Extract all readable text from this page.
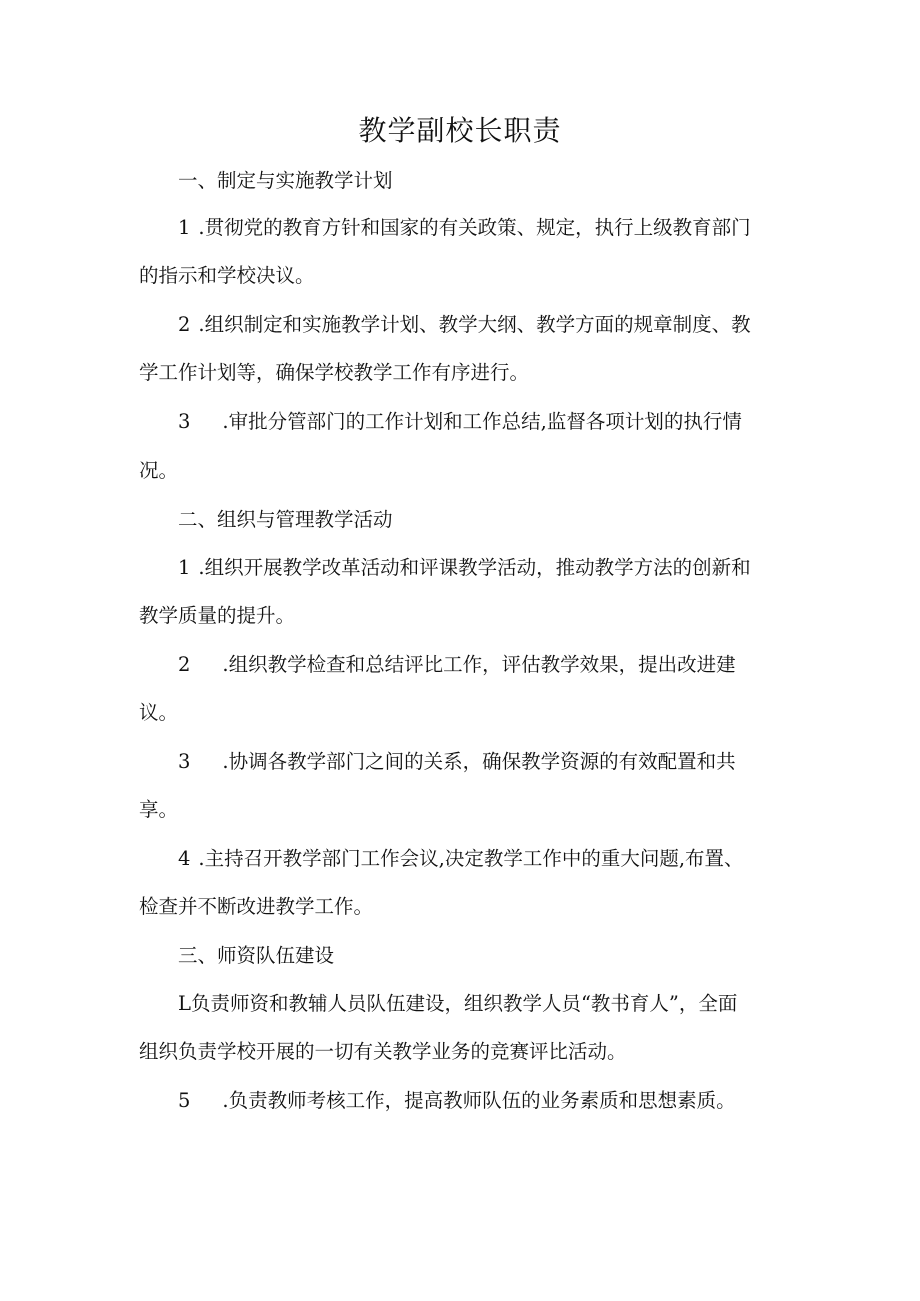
教学副校长职责
一、制定与实施教学计划
1 .贯彻党的教育方针和国家的有关政策、规定，执行上级教育部门
的指示和学校决议。
2 .组织制定和实施教学计划、教学大纲、教学方面的规章制度、教
学工作计划等，确保学校教学工作有序进行。
3 .审批分管部门的工作计划和工作总结,监督各项计划的执行情
况。
二、组织与管理教学活动
1 .组织开展教学改革活动和评课教学活动，推动教学方法的创新和
教学质量的提升。
2 .组织教学检查和总结评比工作，评估教学效果，提出改进建
议。
3 .协调各教学部门之间的关系，确保教学资源的有效配置和共
享。
4 .主持召开教学部门工作会议,决定教学工作中的重大问题,布置、
检查并不断改进教学工作。
三、师资队伍建设
L负责师资和教辅人员队伍建设，组织教学人员“教书育人”，全面
组织负责学校开展的一切有关教学业务的竞赛评比活动。
5 .负责教师考核工作，提高教师队伍的业务素质和思想素质。
